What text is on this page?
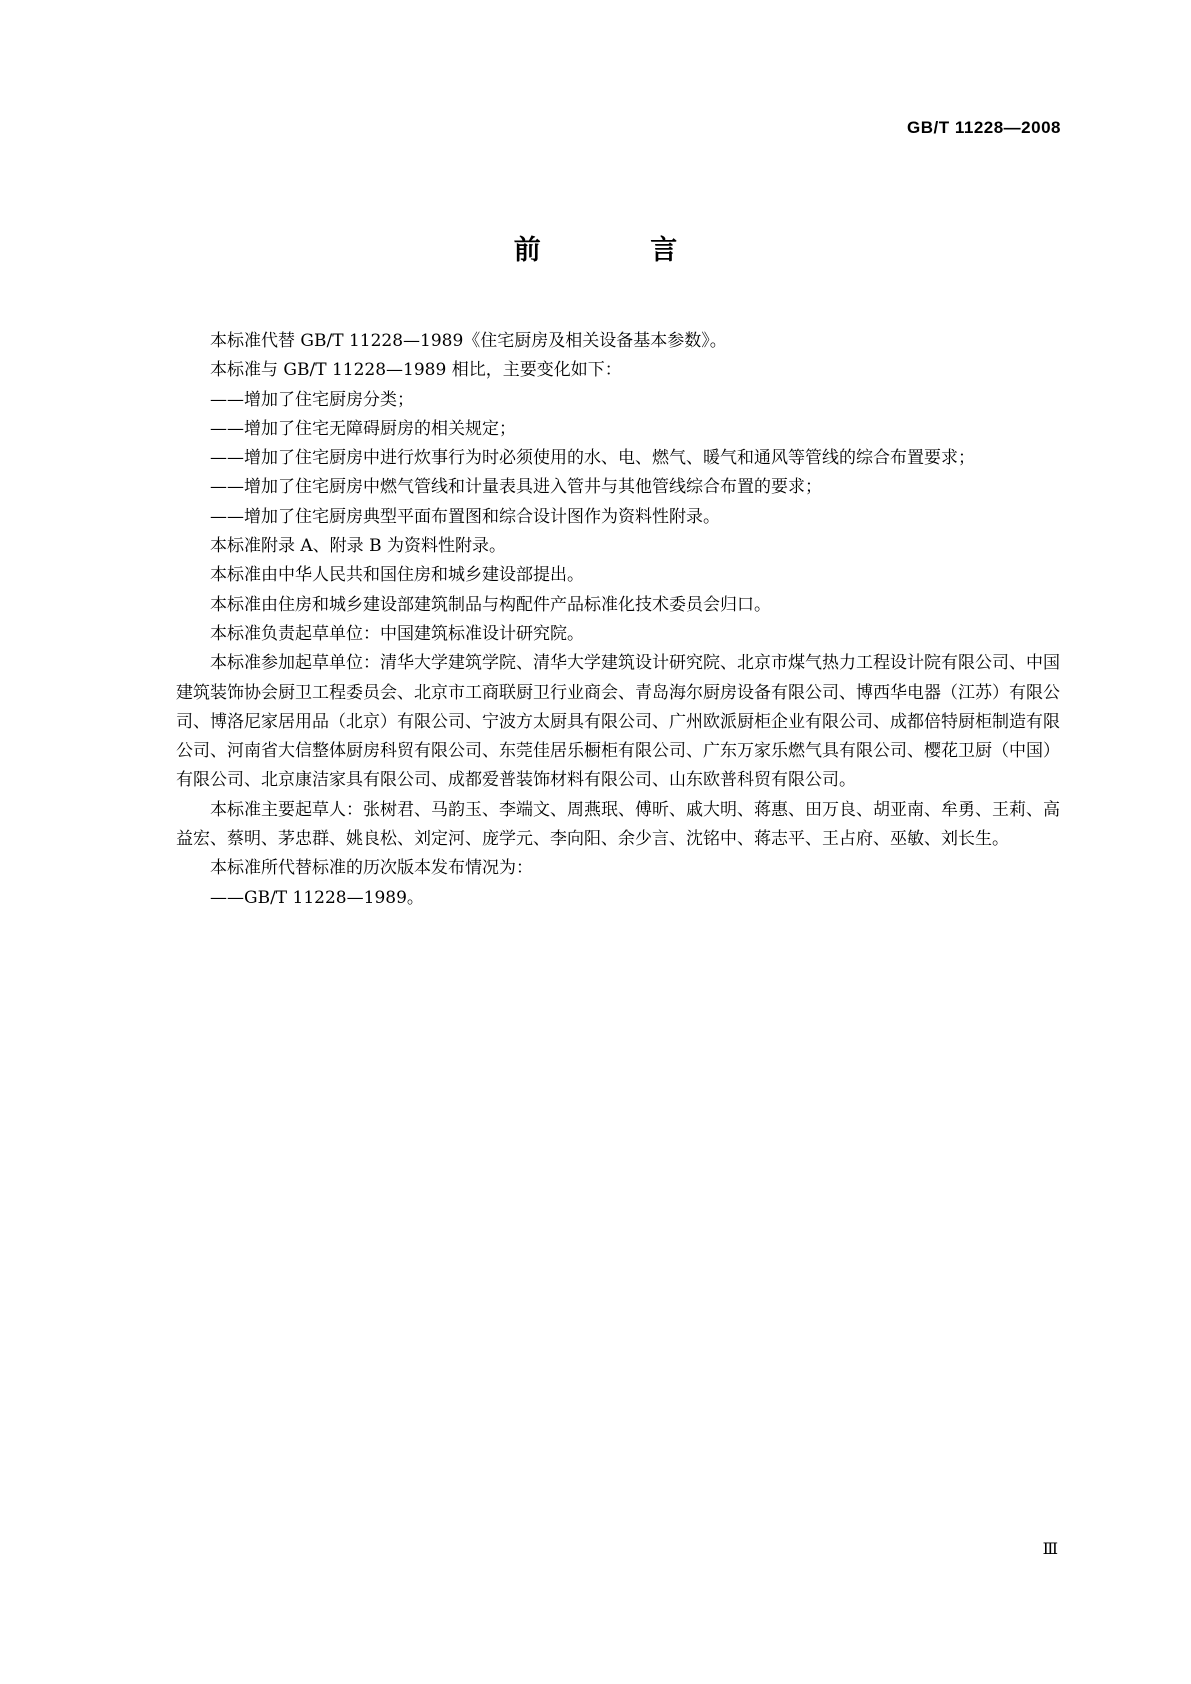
GB/T 11228—2008
前 言

本标准代替 GB/T 11228—1989《住宅厨房及相关设备基本参数》。

本标准与 GB/T 11228—1989 相比，主要变化如下：

——增加了住宅厨房分类；

——增加了住宅无障碍厨房的相关规定；

——增加了住宅厨房中进行炊事行为时必须使用的水、电、燃气、暖气和通风等管线的综合布置要求；

——增加了住宅厨房中燃气管线和计量表具进入管井与其他管线综合布置的要求；

——增加了住宅厨房典型平面布置图和综合设计图作为资料性附录。

本标准附录 A、附录 B 为资料性附录。

本标准由中华人民共和国住房和城乡建设部提出。

本标准由住房和城乡建设部建筑制品与构配件产品标准化技术委员会归口。

本标准负责起草单位：中国建筑标准设计研究院。

本标准参加起草单位：清华大学建筑学院、清华大学建筑设计研究院、北京市煤气热力工程设计院有限公司、中国建筑装饰协会厨卫工程委员会、北京市工商联厨卫行业商会、青岛海尔厨房设备有限公司、博西华电器（江苏）有限公司、博洛尼家居用品（北京）有限公司、宁波方太厨具有限公司、广州欧派厨柜企业有限公司、成都倍特厨柜制造有限公司、河南省大信整体厨房科贸有限公司、东莞佳居乐橱柜有限公司、广东万家乐燃气具有限公司、樱花卫厨（中国）有限公司、北京康洁家具有限公司、成都爱普装饰材料有限公司、山东欧普科贸有限公司。

本标准主要起草人：张树君、马韵玉、李端文、周燕珉、傅昕、戚大明、蒋惠、田万良、胡亚南、牟勇、王莉、高益宏、蔡明、茅忠群、姚良松、刘定河、庞学元、李向阳、余少言、沈铭中、蒋志平、王占府、巫敏、刘长生。

本标准所代替标准的历次版本发布情况为：

——GB/T 11228—1989。

Ⅲ
